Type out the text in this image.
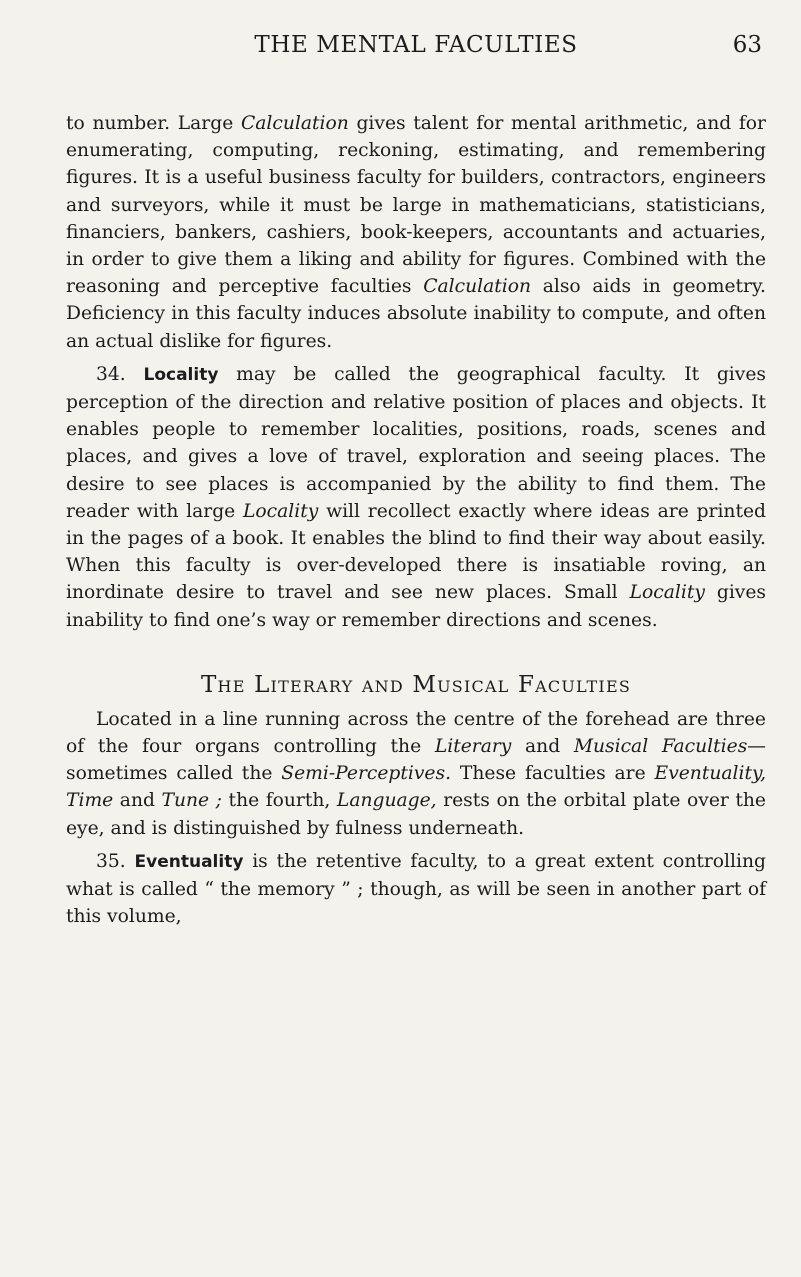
THE MENTAL FACULTIES	63

to number. Large Calculation gives talent for mental arithmetic, and for enumerating, computing, reckoning, estimating, and remembering figures. It is a useful business faculty for builders, contractors, engineers and surveyors, while it must be large in mathematicians, statisticians, financiers, bankers, cashiers, book-keepers, accountants and actuaries, in order to give them a liking and ability for figures. Combined with the reasoning and perceptive faculties Calculation also aids in geometry. Deficiency in this faculty induces absolute inability to compute, and often an actual dislike for figures.

34. Locality may be called the geographical faculty. It gives perception of the direction and relative position of places and objects. It enables people to remember localities, positions, roads, scenes and places, and gives a love of travel, exploration and seeing places. The desire to see places is accompanied by the ability to find them. The reader with large Locality will recollect exactly where ideas are printed in the pages of a book. It enables the blind to find their way about easily. When this faculty is over-developed there is insatiable roving, an inordinate desire to travel and see new places. Small Locality gives inability to find one’s way or remember directions and scenes.

The Literary and Musical Faculties

Located in a line running across the centre of the forehead are three of the four organs controlling the Literary and Musical Faculties—sometimes called the Semi-Perceptives. These faculties are Eventuality, Time and Tune ; the fourth, Language, rests on the orbital plate over the eye, and is distinguished by fulness underneath.

35. Eventuality is the retentive faculty, to a great extent controlling what is called “ the memory ” ; though, as will be seen in another part of this volume,
